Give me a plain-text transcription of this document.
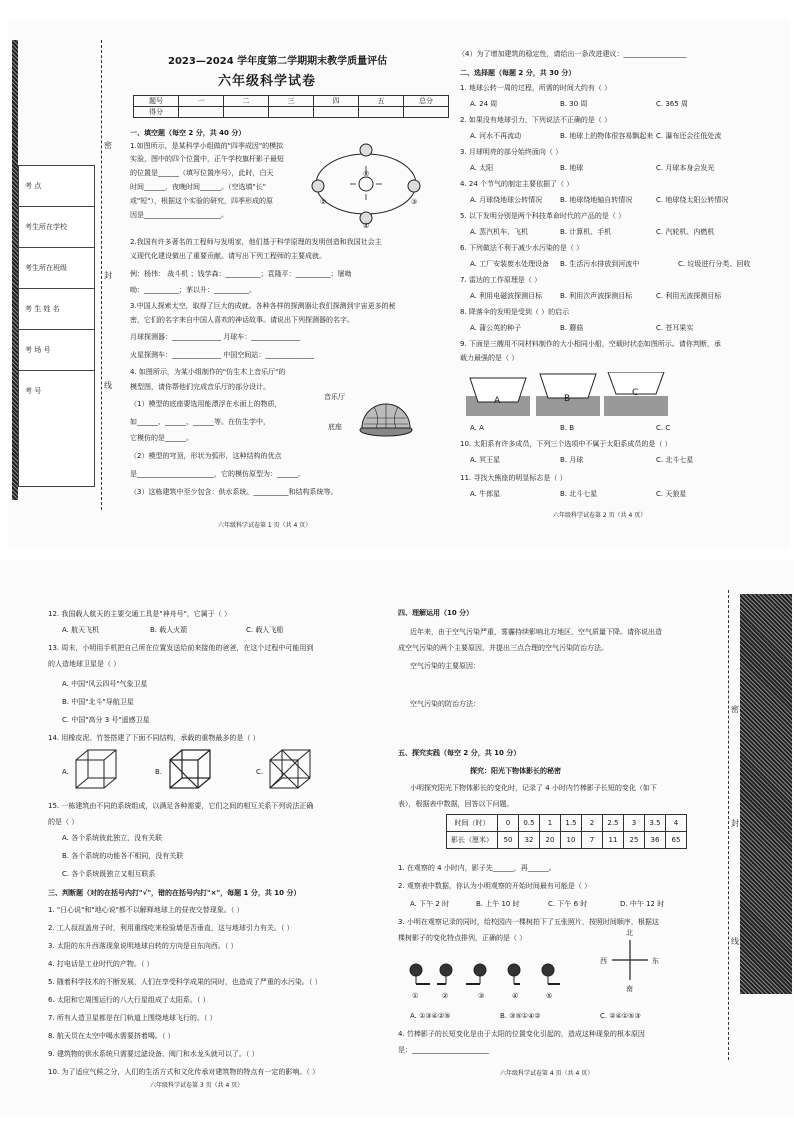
考 点
考生所在学校
考生所在班级
考 生 姓 名
考 场 号
考 号
密
封
线
2023—2024 学年度第二学期期末教学质量评估
六年级科学试卷
题号	一	二	三	四	五	总分
得分						
一、填空题（每空 2 分，共 40 分）
1.如图所示，是某科学小组做的"四季成因"的模拟
实验，图中的四个位置中，正午学校旗杆影子最短
的位置是______（填写位置序号），此时，白天
时间______，夜晚时间______。（空选填"长"
或"短"），根据这个实验的研究，四季形成的原
因是______________________。
②
①	③
④
2.我国有许多著名的工程师与发明家，他们基于科学原理的发明创造和我国社会主
义现代化建设做出了重要贡献。请写出下列工程师的主要成就。
例：杨伟： 战斗机 ；钱学森：__________；袁隆平：__________；屠呦
呦：__________；茅以升：__________。
3.中国人探索太空，取得了巨大的成就。各种各样的探测器让我们探测到宇宙更多的秘
密，它们的名字来自中国人喜欢的神话故事。请说出下列探测器的名字。
月球探测器：______________ 月球车：______________
火星探测车：______________ 中国空间站：______________
4. 如图所示，为某小组制作的"仿生木上音乐厅"的
模型图，请你帮他们完成音乐厅的部分设计。
（1）模型的底座要选用能漂浮在水面上的物质，
如______、______、______等。在仿生学中，
它模仿的是______。
（2）模型的穹顶，形状为弧形，这种结构的优点
是______________________，它的模仿原型为：______。
（3）这栋建筑中至少包含：供水系统、__________和结构系统等。
音乐厅
底座
六年级科学试卷第 1 页（共 4 页）
（4）为了增加建筑的稳定性，请给出一条改进建议：__________________
二、选择题（每题 2 分，共 30 分）
1. 地球公转一周的过程，所需的时间大约有（ ）
A. 24 周	B. 30 周	C. 365 周
2. 如果没有地球引力，下列说法不正确的是（ ）
A. 河水不再流动	B. 地球上的物体很容易飘起来 C. 瀑布还会往低处流
3. 月球明亮的部分始终面向（ ）
A. 太阳	B. 地球	C. 月球本身会发光
4. 24 个节气的制定主要依据了（ ）
A. 月球绕地球公转情况	B. 地球绕地轴自转情况	C. 地球绕太阳公转情况
5. 以下发明分别是两个科技革命时代的产品的是（ ）
A. 蒸汽机车、飞机	B. 计算机、手机	C. 汽轮机、内燃机
6. 下列做法不利于减少水污染的是（ ）
A. 工厂安装废水处理设备 B. 生活污水排放到河流中	C. 垃圾进行分类、回收
7. 雷达的工作原理是（ ）
A. 利用电磁波探测目标	B. 利用次声波探测目标	C. 利用光波探测目标
8. 降落伞的发明是受到（ ）的启示
A. 蒲公英的种子	B. 蘑菇	C. 苍耳果实
9. 下面是三艘用不同材料制作的大小相同小船，空载时状态如图所示。请你判断，承
载力最强的是（ ）
A	B
C
A. A	B. B	C. C
10. 太阳系有许多成员，下列三个选项中不属于太阳系成员的是（ ）
A. 冥王星	B. 月球	C. 北斗七星
11. 寻找大熊座的明显标志是（ ）
A. 牛郎星	B. 北斗七星	C. 天狼星
六年级科学试卷第 2 页（共 4 页）
12. 我国载人航天的主要交通工具是"神舟号"，它属于（ ）
A. 航天飞机	B. 载人火箭	C. 载人飞船
13. 周末，小明用手机把自己所在位置发送给前来接他的爸爸，在这个过程中可能用到
的人造地球卫星是（ ）
A. 中国"风云四号"气象卫星
B. 中国"北斗"导航卫星
C. 中国"高分 3 号"遥感卫星
14. 用橡皮泥、竹签搭建了下面不同结构，承载的重物最多的是（ ）
A.	B.	C.
15. 一栋建筑由不同的系统组成，以满足各种需要，它们之间的相互关系下列说法正确
的是（ ）
A. 各个系统彼此独立，没有关联
B. 各个系统的功能各不相同，没有关联
C. 各个系统既独立又相互联系
三、判断题（对的在括号内打"√"，错的在括号内打"×"，每题 1 分，共 10 分）
1. "日心说"和"地心说"都不以解释地球上的昼夜交替现象。（ ）
2. 工人叔叔盖房子时，利用重线吃来检验墙是否垂直，这与地球引力有关。（ ）
3. 太阳的东升西落现象说明地球自转的方向是自东向西。（ ）
4. 打电话是工业时代的产物。（ ）
5. 随着科学技术的不断发展，人们在享受科学成果的同时，也造成了严重的水污染。（ ）
6. 太阳和它周围运行的八大行星组成了太阳系。（ ）
7. 所有人造卫星都是在门轨道上围绕地球飞行的。（ ）
8. 航天员在太空中喝水需要挤着喝。（ ）
9. 建筑物的供水系统只需要过滤设备、阀门和水龙头就可以了。（ ）
10. 为了适应气候之分，人们的生活方式和文化传承对建筑物的特点有一定的影响。（ ）
六年级科学试卷第 3 页（共 4 页）
四、理解运用（10 分）
近年来，由于空气污染严重，雾霾持续影响北方地区，空气质量下降。请你说出造
成空气污染的两个主要原因，并提出三点合理的空气污染防治方法。
空气污染的主要原因：
空气污染的防治方法：
五、探究实践（每空 2 分，共 10 分）
探究：阳光下物体影长的秘密
小明探究阳光下物体影长的变化时，记录了 4 小时内竹棒影子长短的变化（如下
表），根据表中数据，回答以下问题。
时间（时）	0	0.5	1	1.5	2	2.5	3	3.5	4
影长（厘米）	50	32	20	10	7	11	25	36	65
1. 在观察的 4 小时内，影子先______，再______。
2. 观察表中数据，你认为小明观察的开始时间最有可能是（ ）
A. 下午 2 时	B. 上午 10 时	C. 下午 6 时	D. 中午 12 时
3. 小明在观察记录的同时，给校园内一棵树拍下了五张照片，按照时间顺序，根据这
棵树影子的变化特点排列，正确的是（ ）
①	②	③	④	⑤
北
南
西	东
A. ①③④②⑤	B. ③⑤①④②	C. ②④①⑤③
4. 竹棒影子的长短变化是由于太阳的位置变化引起的，造成这种现象的根本原因
是：______________________
六年级科学试卷第 4 页（共 4 页）
密
封
线
